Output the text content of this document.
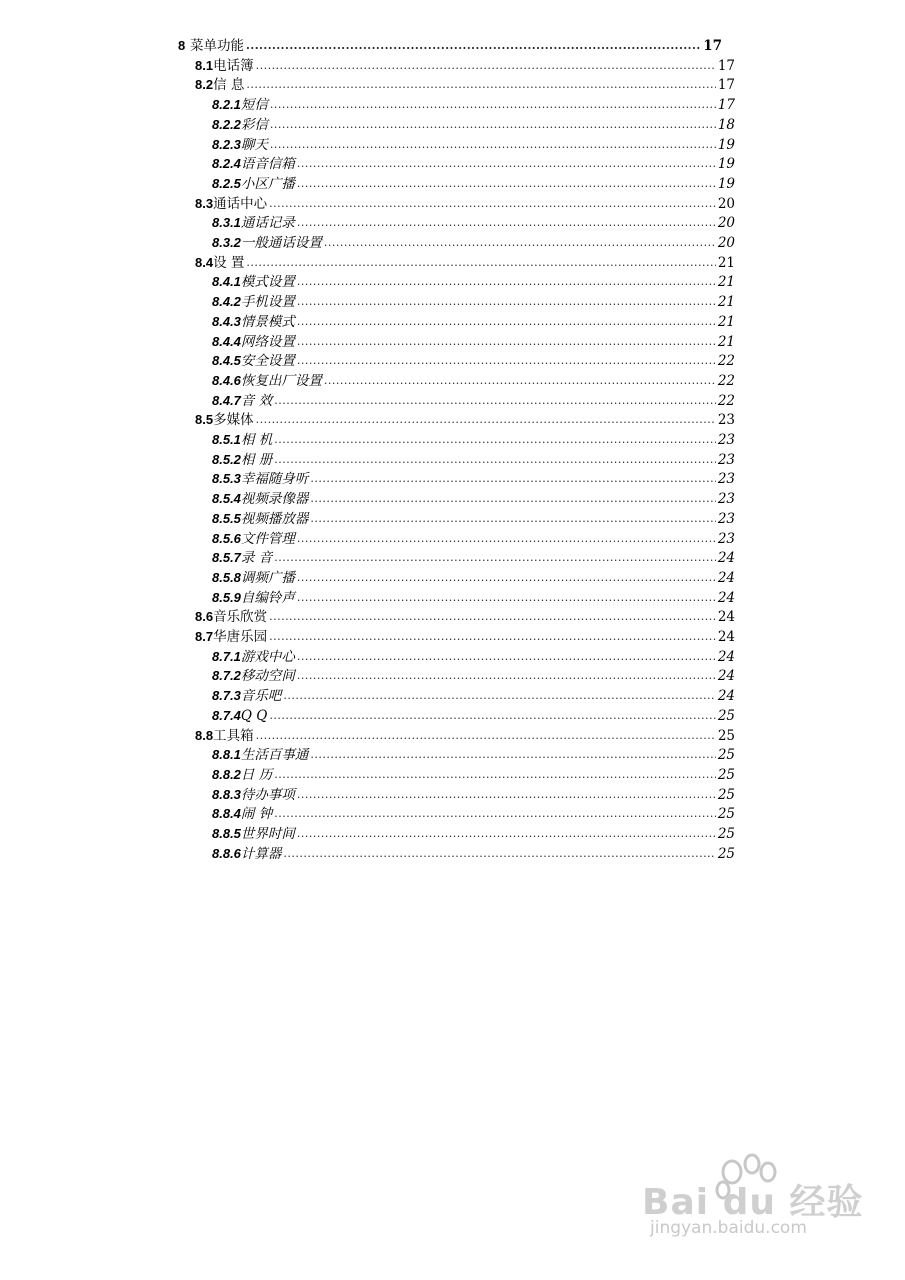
8 菜单功能 .....	17
8.1 电话簿 .....	17
8.2 信 息 .....	17
8.2.1 短信 .....	17
8.2.2 彩信 .....	18
8.2.3 聊天 .....	19
8.2.4 语音信箱 .....	19
8.2.5 小区广播 .....	19
8.3 通话中心 .....	20
8.3.1 通话记录 .....	20
8.3.2 一般通话设置 .....	20
8.4 设 置 .....	21
8.4.1 模式设置 .....	21
8.4.2 手机设置 .....	21
8.4.3 情景模式 .....	21
8.4.4 网络设置 .....	21
8.4.5 安全设置 .....	22
8.4.6 恢复出厂设置 .....	22
8.4.7 音 效 .....	22
8.5 多媒体 .....	23
8.5.1 相 机 .....	23
8.5.2 相 册 .....	23
8.5.3 幸福随身听 .....	23
8.5.4 视频录像器 .....	23
8.5.5 视频播放器 .....	23
8.5.6 文件管理 .....	23
8.5.7 录 音 .....	24
8.5.8 调频广播 .....	24
8.5.9 自编铃声 .....	24
8.6 音乐欣赏 .....	24
8.7 华唐乐园 .....	24
8.7.1 游戏中心 .....	24
8.7.2 移动空间 .....	24
8.7.3 音乐吧 .....	24
8.7.4 Q Q .....	25
8.8 工具箱 .....	25
8.8.1 生活百事通 .....	25
8.8.2 日 历 .....	25
8.8.3 待办事项 .....	25
8.8.4 闹 钟 .....	25
8.8.5 世界时间 .....	25
8.8.6 计算器 .....	25
Bai du 经验
jingyan.baidu.com
